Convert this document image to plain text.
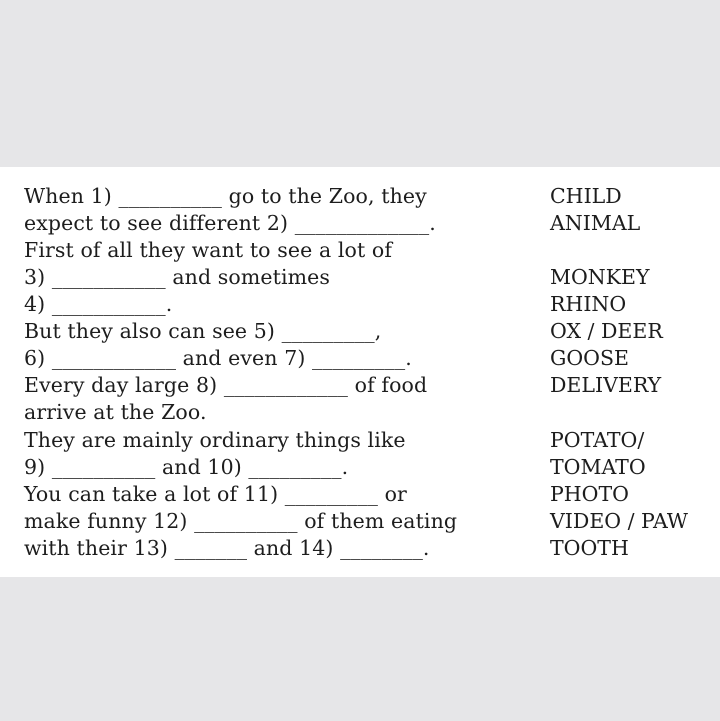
When 1) __________ go to the Zoo, they
expect to see different 2) _____________.
First of all they want to see a lot of
3) ___________ and sometimes
4) ___________.
But they also can see 5) _________,
6) ____________ and even 7) _________.
Every day large 8) ____________ of food
arrive at the Zoo.
They are mainly ordinary things like
9) __________ and 10) _________.
You can take a lot of 11) _________ or
make funny 12) __________ of them eating
with their 13) _______ and 14) ________.
CHILD
ANIMAL
MONKEY
RHINO
OX / DEER
GOOSE
DELIVERY
POTATO/
TOMATO
PHOTO
VIDEO / PAW
TOOTH
